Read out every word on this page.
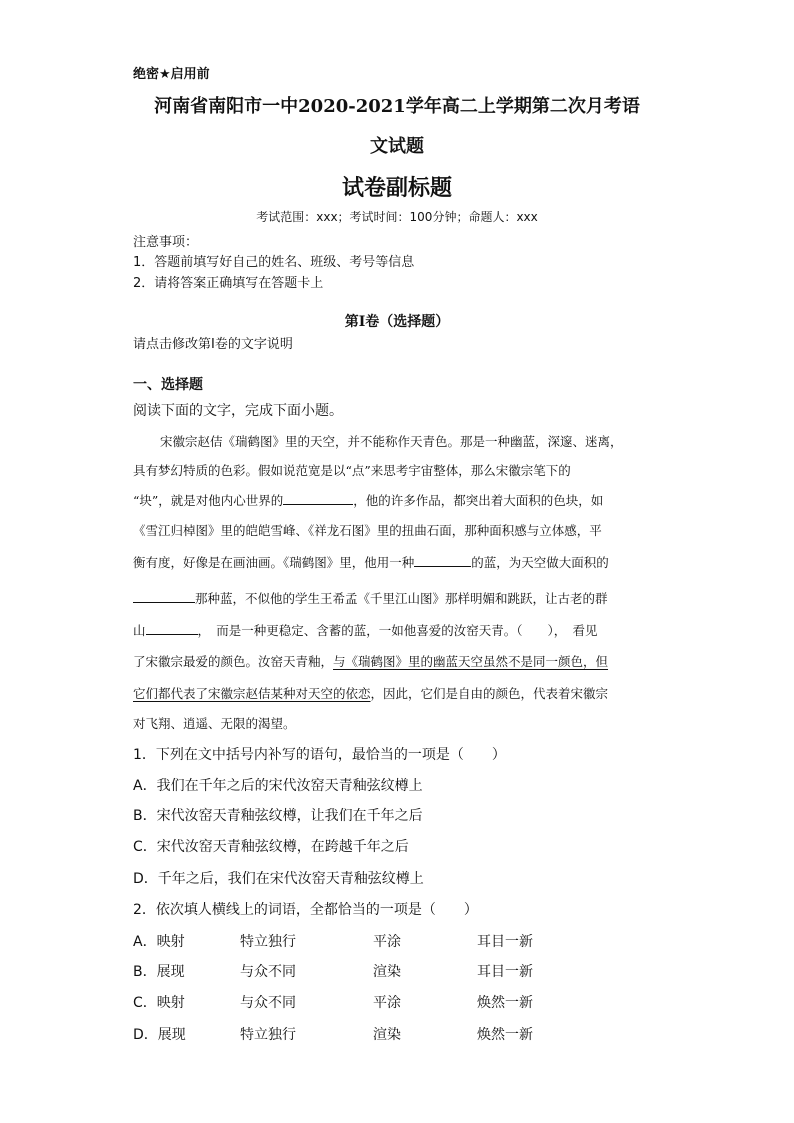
绝密★启用前
河南省南阳市一中2020-2021学年高二上学期第二次月考语
文试题
试卷副标题
考试范围：xxx；考试时间：100分钟；命题人：xxx
注意事项：
1．答题前填写好自己的姓名、班级、考号等信息
2．请将答案正确填写在答题卡上
第I卷（选择题）
请点击修改第I卷的文字说明
一、选择题
阅读下面的文字，完成下面小题。
宋徽宗赵佶《瑞鹤图》里的天空，并不能称作天青色。那是一种幽蓝，深邃、迷离，
具有梦幻特质的色彩。假如说范宽是以“点”来思考宇宙整体，那么宋徽宗笔下的
“块”，就是对他内心世界的	，他的许多作品，都突出着大面积的色块，如
《雪江归棹图》里的皑皑雪峰、《祥龙石图》里的扭曲石面，那种面积感与立体感，平
衡有度，好像是在画油画。《瑞鹤图》里，他用一种	的蓝，为天空做大面积的
那种蓝，不似他的学生王希孟《千里江山图》那样明媚和跳跃，让古老的群
山	，　而是一种更稳定、含蓄的蓝，一如他喜爱的汝窑天青。（　　），　看见
了宋徽宗最爱的颜色。汝窑天青釉，与《瑞鹤图》里的幽蓝天空虽然不是同一颜色，但
它们都代表了宋徽宗赵佶某种对天空的依恋，因此，它们是自由的颜色，代表着宋徽宗
对飞翔、逍遥、无限的渴望。
1．下列在文中括号内补写的语句，最恰当的一项是（　　）
A．我们在千年之后的宋代汝窑天青釉弦纹樽上
B．宋代汝窑天青釉弦纹樽，让我们在千年之后
C．宋代汝窑天青釉弦纹樽，在跨越千年之后
D．千年之后，我们在宋代汝窑天青釉弦纹樽上
2．依次填人横线上的词语，全都恰当的一项是（　　）
A．映射	特立独行	平涂	耳目一新
B．展现	与众不同	渲染	耳目一新
C．映射	与众不同	平涂	焕然一新
D．展现	特立独行	渲染	焕然一新
